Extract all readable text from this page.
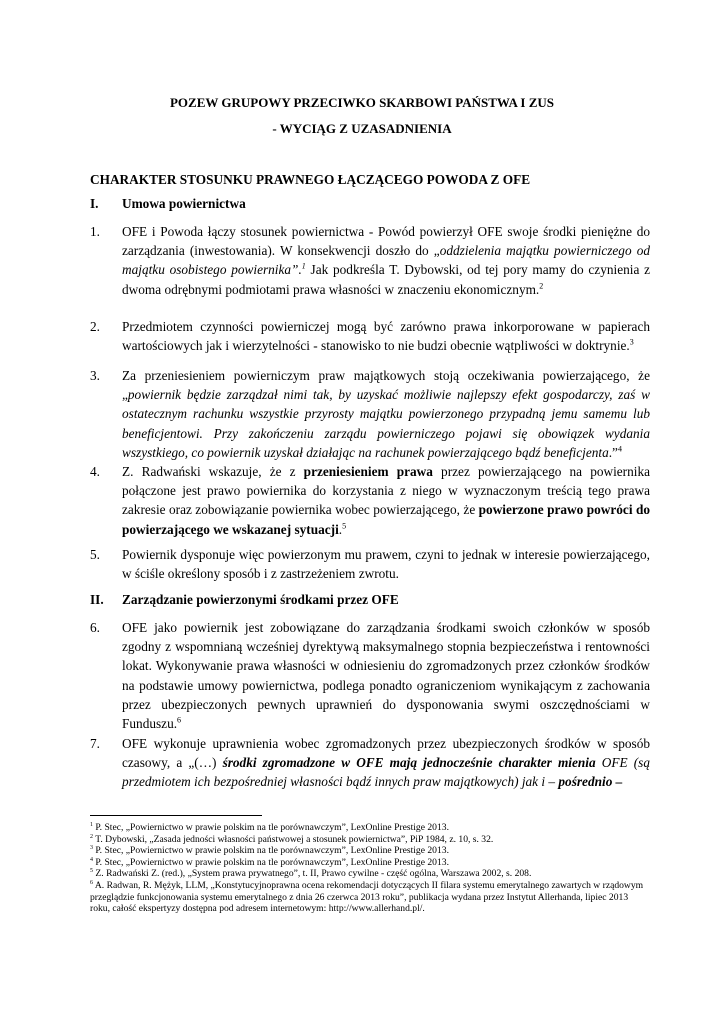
POZEW GRUPOWY PRZECIWKO SKARBOWI PAŃSTWA I ZUS
- WYCIĄG Z UZASADNIENIA
CHARAKTER STOSUNKU PRAWNEGO ŁĄCZĄCEGO POWODA Z OFE
I. Umowa powiernictwa
1. OFE i Powoda łączy stosunek powiernictwa - Powód powierzył OFE swoje środki pieniężne do zarządzania (inwestowania). W konsekwencji doszło do „oddzielenia majątku powierniczego od majątku osobistego powiernika”.$^1$ Jak podkreśla T. Dybowski, od tej pory mamy do czynienia z dwoma odrębnymi podmiotami prawa własności w znaczeniu ekonomicznym.$^2$
2. Przedmiotem czynności powierniczej mogą być zarówno prawa inkorporowane w papierach wartościowych jak i wierzytelności - stanowisko to nie budzi obecnie wątpliwości w doktrynie.$^3$
3. Za przeniesieniem powierniczym praw majątkowych stoją oczekiwania powierzającego, że „powiernik będzie zarządzał nimi tak, by uzyskać możliwie najlepszy efekt gospodarczy, zaś w ostatecznym rachunku wszystkie przyrosty majątku powierzonego przypadną jemu samemu lub beneficjentowi. Przy zakończeniu zarządu powierniczego pojawi się obowiązek wydania wszystkiego, co powiernik uzyskał działając na rachunek powierzającego bądź beneficjenta.”$^4$
4. Z. Radwański wskazuje, że z przeniesieniem prawa przez powierzającego na powiernika połączone jest prawo powiernika do korzystania z niego w wyznaczonym treścią tego prawa zakresie oraz zobowiązanie powiernika wobec powierzającego, że powierzone prawo powróci do powierzającego we wskazanej sytuacji.$^5$
5. Powiernik dysponuje więc powierzonym mu prawem, czyni to jednak w interesie powierzającego, w ściśle określony sposób i z zastrzeżeniem zwrotu.
II. Zarządzanie powierzonymi środkami przez OFE
6. OFE jako powiernik jest zobowiązane do zarządzania środkami swoich członków w sposób zgodny z wspomnianą wcześniej dyrektywą maksymalnego stopnia bezpieczeństwa i rentowności lokat. Wykonywanie prawa własności w odniesieniu do zgromadzonych przez członków środków na podstawie umowy powiernictwa, podlega ponadto ograniczeniom wynikającym z zachowania przez ubezpieczonych pewnych uprawnień do dysponowania swymi oszczędnościami w Funduszu.$^6$
7. OFE wykonuje uprawnienia wobec zgromadzonych przez ubezpieczonych środków w sposób czasowy, a „(…) środki zgromadzone w OFE mają jednocześnie charakter mienia OFE (są przedmiotem ich bezpośredniej własności bądź innych praw majątkowych) jak i – pośrednio –
$^1$ P. Stec, „Powiernictwo w prawie polskim na tle porównawczym”, LexOnline Prestige 2013.
$^2$ T. Dybowski, „Zasada jedności własności państwowej a stosunek powiernictwa”, PiP 1984, z. 10, s. 32.
$^3$ P. Stec, „Powiernictwo w prawie polskim na tle porównawczym”, LexOnline Prestige 2013.
$^4$ P. Stec, „Powiernictwo w prawie polskim na tle porównawczym”, LexOnline Prestige 2013.
$^5$ Z. Radwański Z. (red.), „System prawa prywatnego”, t. II, Prawo cywilne - część ogólna, Warszawa 2002, s. 208.
$^6$ A. Radwan, R. Mężyk, LLM, „Konstytucyjnoprawna ocena rekomendacji dotyczących II filara systemu emerytalnego zawartych w rządowym przeglądzie funkcjonowania systemu emerytalnego z dnia 26 czerwca 2013 roku”, publikacja wydana przez Instytut Allerhanda, lipiec 2013 roku, całość ekspertyzy dostępna pod adresem internetowym: http://www.allerhand.pl/.
